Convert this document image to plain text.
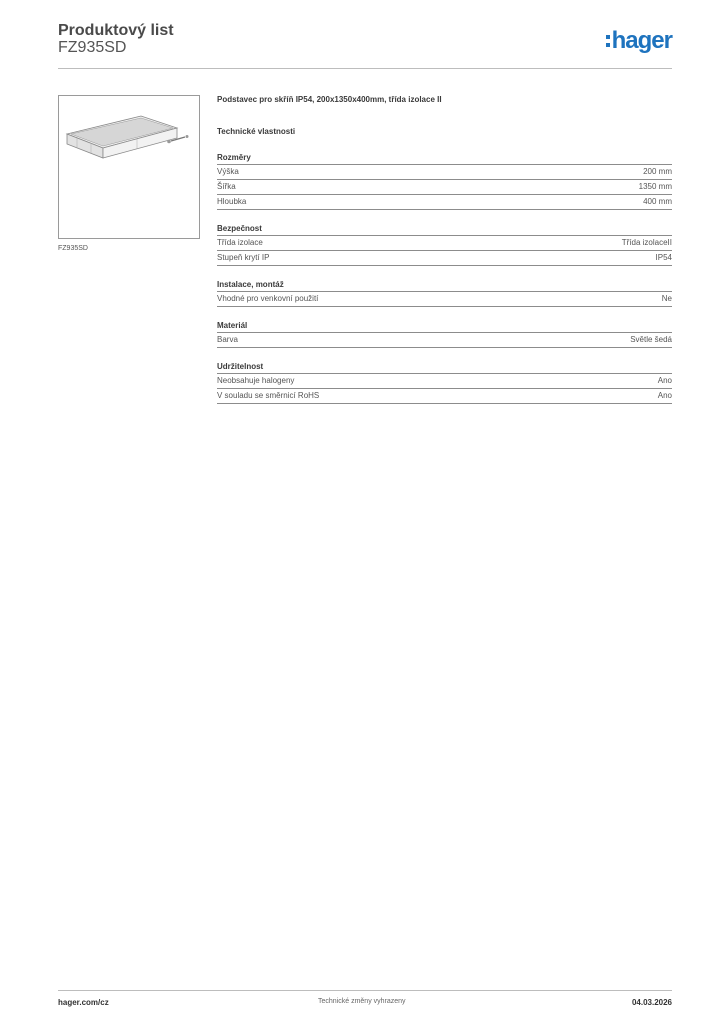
Produktový list
FZ935SD	hager
FZ935SD
Podstavec pro skříň IP54, 200x1350x400mm, třída izolace II
Technické vlastnosti
Rozměry
Výška	200 mm
Šířka	1350 mm
Hloubka	400 mm
Bezpečnost
Třída izolace	Třída izolaceII
Stupeň krytí IP	IP54
Instalace, montáž
Vhodné pro venkovní použití	Ne
Materiál
Barva	Světle šedá
Udržitelnost
Neobsahuje halogeny	Ano
V souladu se směrnicí RoHS	Ano
hager.com/cz	Technické změny vyhrazeny	04.03.2026
